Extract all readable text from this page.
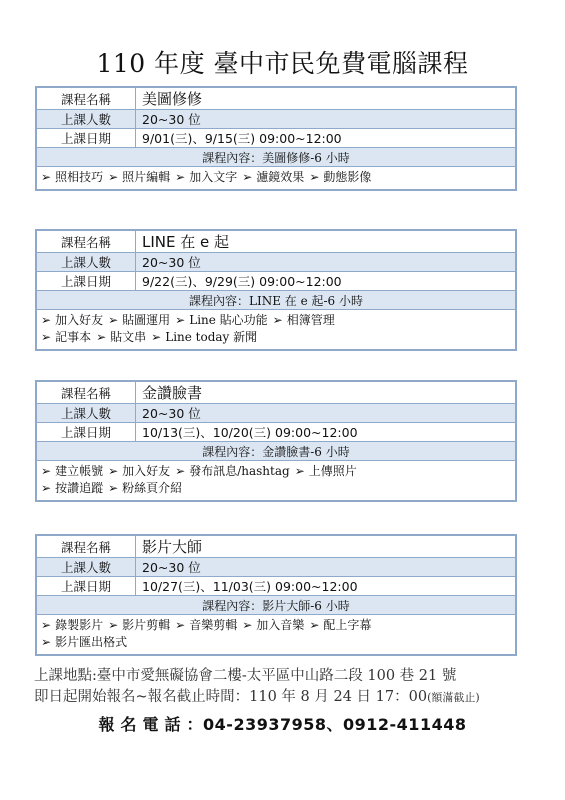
110 年度 臺中市民免費電腦課程
課程名稱	美圖修修
上課人數	20~30 位
上課日期	9/01(三)、9/15(三) 09:00~12:00
課程內容：美圖修修-6 小時	
➢ 照相技巧 ➢ 照片編輯 ➢ 加入文字 ➢ 濾鏡效果 ➢ 動態影像
課程名稱	LINE 在 e 起
上課人數	20~30 位
上課日期	9/22(三)、9/29(三) 09:00~12:00
課程內容：LINE 在 e 起-6 小時	
➢ 加入好友 ➢ 貼圖運用 ➢ Line 貼心功能 ➢ 相簿管理
➢ 記事本 ➢ 貼文串 ➢ Line today 新聞
課程名稱	金讚臉書
上課人數	20~30 位
上課日期	10/13(三)、10/20(三) 09:00~12:00
課程內容：金讚臉書-6 小時	
➢ 建立帳號 ➢ 加入好友 ➢ 發布訊息/hashtag ➢ 上傳照片
➢ 按讚追蹤 ➢ 粉絲頁介紹
課程名稱	影片大師
上課人數	20~30 位
上課日期	10/27(三)、11/03(三) 09:00~12:00
課程內容：影片大師-6 小時	
➢ 錄製影片 ➢ 影片剪輯 ➢ 音樂剪輯 ➢ 加入音樂 ➢ 配上字幕
➢ 影片匯出格式
上課地點:臺中市愛無礙協會二樓-太平區中山路二段 100 巷 21 號
即日起開始報名~報名截止時間：110 年 8 月 24 日 17：00(額滿截止)
報名電話：04-23937958、0912-411448
